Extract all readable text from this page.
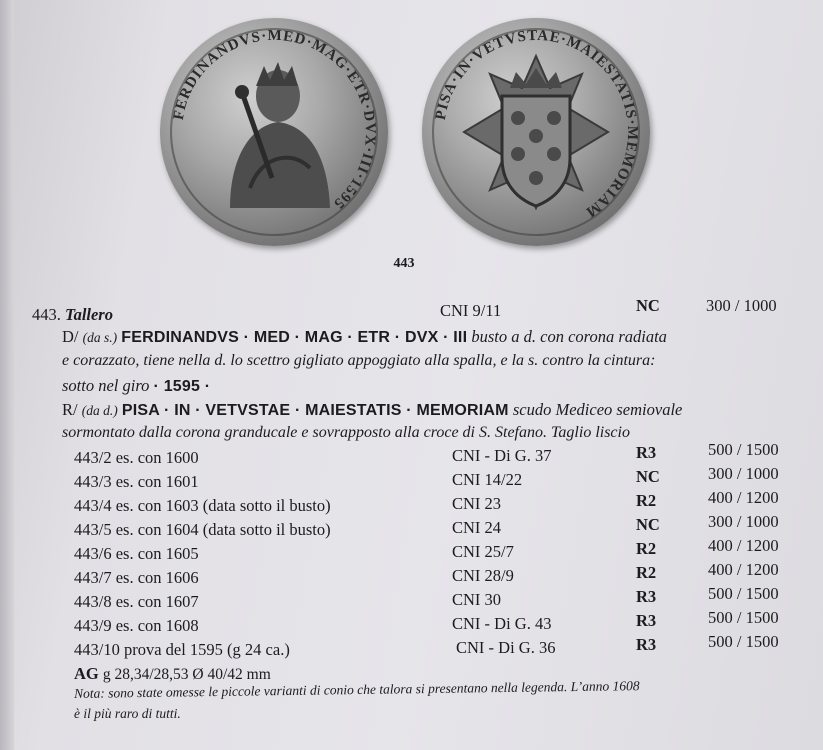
FERDINANDVS·MED·MAG·ETR·DVX·III·1595
PISA·IN·VETVSTAE·MAIESTATIS·MEMORIAM
443
443. Tallero	CNI 9/11	NC	300 / 1000
D/ (da s.) FERDINANDVS · MED · MAG · ETR · DVX · III busto a d. con corona radiata
e corazzato, tiene nella d. lo scettro gigliato appoggiato alla spalla, e la s. contro la cintura:
sotto nel giro · 1595 ·
R/ (da d.) PISA · IN · VETVSTAE · MAIESTATIS · MEMORIAM scudo Mediceo semiovale
sormontato dalla corona granducale e sovrapposto alla croce di S. Stefano. Taglio liscio
443/2 es. con 1600	CNI - Di G. 37	R3	500 / 1500
443/3 es. con 1601	CNI 14/22	NC	300 / 1000
443/4 es. con 1603 (data sotto il busto)	CNI 23	R2	400 / 1200
443/5 es. con 1604 (data sotto il busto)	CNI 24	NC	300 / 1000
443/6 es. con 1605	CNI 25/7	R2	400 / 1200
443/7 es. con 1606	CNI 28/9	R2	400 / 1200
443/8 es. con 1607	CNI 30	R3	500 / 1500
443/9 es. con 1608	CNI - Di G. 43	R3	500 / 1500
443/10 prova del 1595 (g 24 ca.)	CNI - Di G. 36	R3	500 / 1500
AG g 28,34/28,53 Ø 40/42 mm
Nota: sono state omesse le piccole varianti di conio che talora si presentano nella legenda. L’anno 1608
è il più raro di tutti.
